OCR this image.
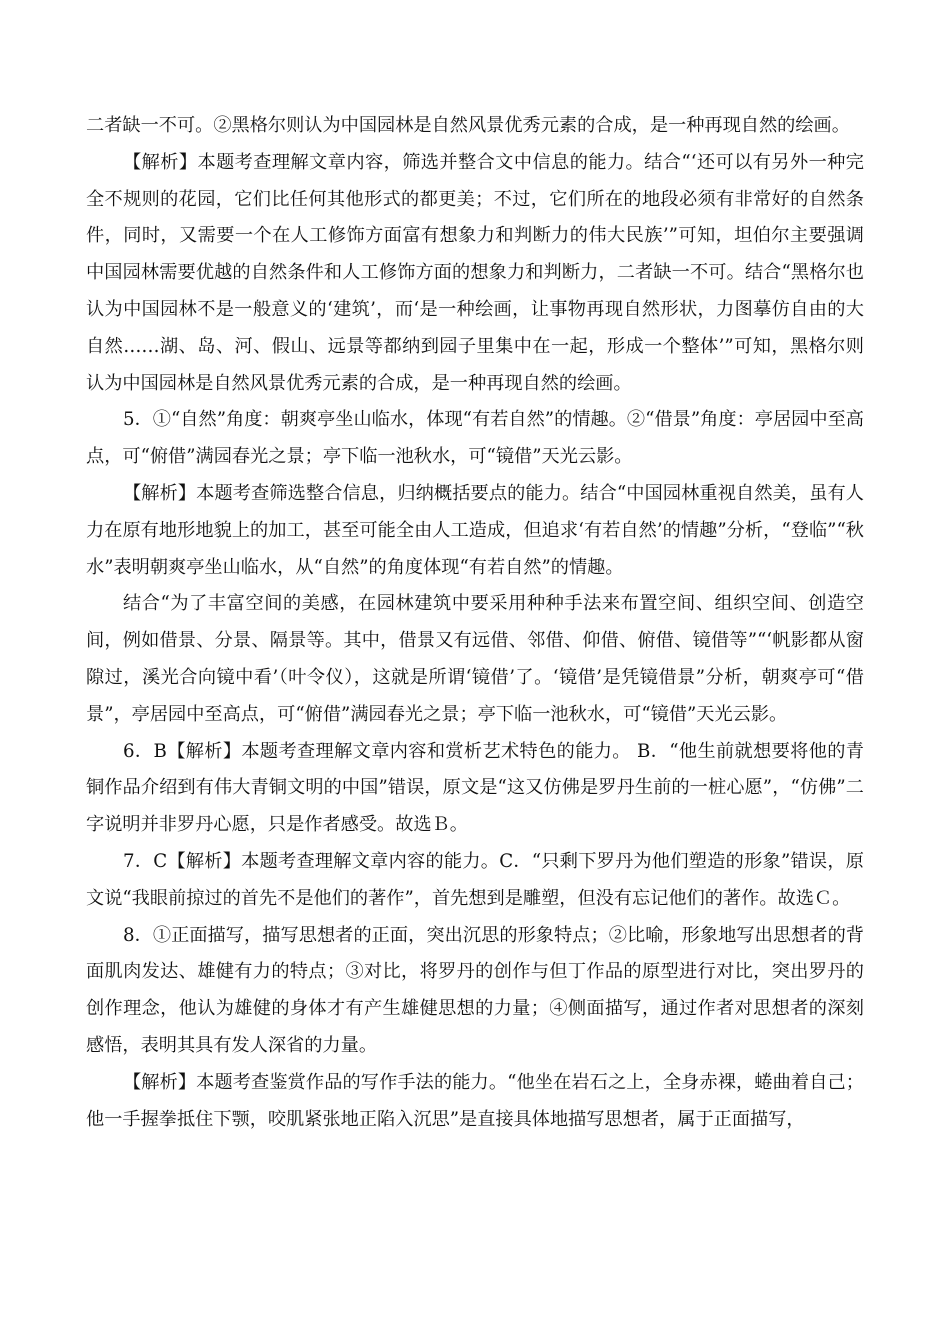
二者缺一不可。②黑格尔则认为中国园林是自然风景优秀元素的合成，是一种再现自然的绘画。

【解析】本题考查理解文章内容，筛选并整合文中信息的能力。结合“‘还可以有另外一种完全不规则的花园，它们比任何其他形式的都更美；不过，它们所在的地段必须有非常好的自然条件，同时，又需要一个在人工修饰方面富有想象力和判断力的伟大民族’”可知，坦伯尔主要强调中国园林需要优越的自然条件和人工修饰方面的想象力和判断力，二者缺一不可。结合“黑格尔也认为中国园林不是一般意义的‘建筑’，而‘是一种绘画，让事物再现自然形状，力图摹仿自由的大自然……湖、岛、河、假山、远景等都纳到园子里集中在一起，形成一个整体’”可知，黑格尔则认为中国园林是自然风景优秀元素的合成，是一种再现自然的绘画。

5．①“自然”角度：朝爽亭坐山临水，体现“有若自然”的情趣。②“借景”角度：亭居园中至高点，可“俯借”满园春光之景；亭下临一池秋水，可“镜借”天光云影。

【解析】本题考查筛选整合信息，归纳概括要点的能力。结合“中国园林重视自然美，虽有人力在原有地形地貌上的加工，甚至可能全由人工造成，但追求‘有若自然’的情趣”分析，“登临”“秋水”表明朝爽亭坐山临水，从“自然”的角度体现“有若自然”的情趣。

结合“为了丰富空间的美感，在园林建筑中要采用种种手法来布置空间、组织空间、创造空间，例如借景、分景、隔景等。其中，借景又有远借、邻借、仰借、俯借、镜借等”“‘帆影都从窗隙过，溪光合向镜中看’（叶令仪），这就是所谓‘镜借’了。‘镜借’是凭镜借景”分析，朝爽亭可“借景”，亭居园中至高点，可“俯借”满园春光之景；亭下临一池秋水，可“镜借”天光云影。

6．B【解析】本题考查理解文章内容和赏析艺术特色的能力。 B．“他生前就想要将他的青铜作品介绍到有伟大青铜文明的中国”错误，原文是“这又仿佛是罗丹生前的一桩心愿”，“仿佛”二字说明并非罗丹心愿，只是作者感受。故选Ｂ。

7．C【解析】本题考查理解文章内容的能力。C．“只剩下罗丹为他们塑造的形象”错误，原文说“我眼前掠过的首先不是他们的著作”，首先想到是雕塑，但没有忘记他们的著作。故选Ｃ。

8．①正面描写，描写思想者的正面，突出沉思的形象特点；②比喻，形象地写出思想者的背面肌肉发达、雄健有力的特点；③对比，将罗丹的创作与但丁作品的原型进行对比，突出罗丹的创作理念，他认为雄健的身体才有产生雄健思想的力量；④侧面描写，通过作者对思想者的深刻感悟，表明其具有发人深省的力量。

【解析】本题考查鉴赏作品的写作手法的能力。“他坐在岩石之上，全身赤裸，蜷曲着自己；他一手握拳抵住下颚，咬肌紧张地正陷入沉思”是直接具体地描写思想者，属于正面描写，
